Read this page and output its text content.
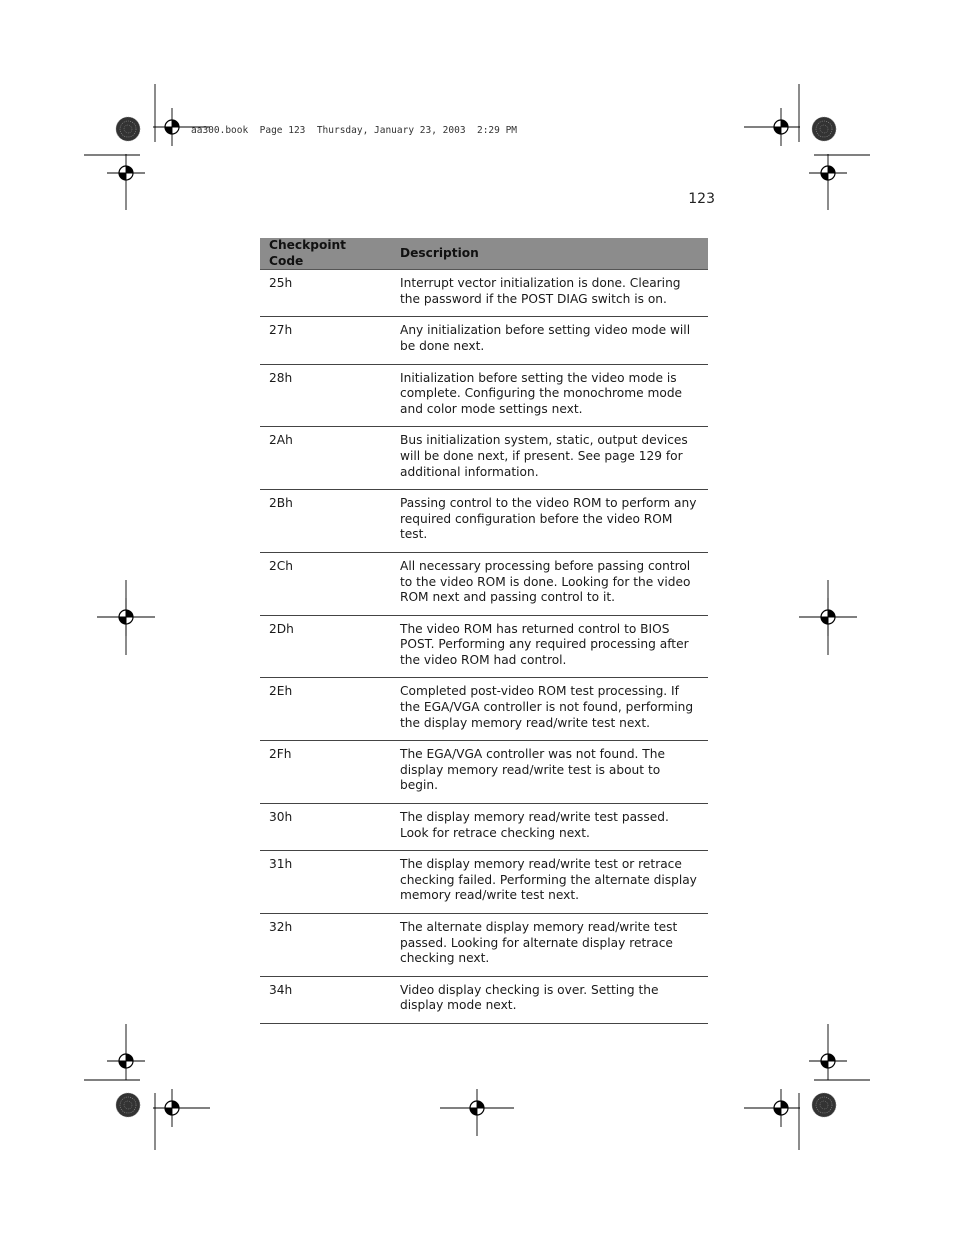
aa300.book  Page 123  Thursday, January 23, 2003  2:29 PM
123
Checkpoint Code	Description
25h	Interrupt vector initialization is done. Clearing the password if the POST DIAG switch is on.
27h	Any initialization before setting video mode will be done next.
28h	Initialization before setting the video mode is complete. Configuring the monochrome mode and color mode settings next.
2Ah	Bus initialization system, static, output devices will be done next, if present. See page 129 for additional information.
2Bh	Passing control to the video ROM to perform any required configuration before the video ROM test.
2Ch	All necessary processing before passing control to the video ROM is done. Looking for the video ROM next and passing control to it.
2Dh	The video ROM has returned control to BIOS POST. Performing any required processing after the video ROM had control.
2Eh	Completed post-video ROM test processing. If the EGA/VGA controller is not found, performing the display memory read/write test next.
2Fh	The EGA/VGA controller was not found. The display memory read/write test is about to begin.
30h	The display memory read/write test passed. Look for retrace checking next.
31h	The display memory read/write test or retrace checking failed. Performing the alternate display memory read/write test next.
32h	The alternate display memory read/write test passed. Looking for alternate display retrace checking next.
34h	Video display checking is over. Setting the display mode next.
